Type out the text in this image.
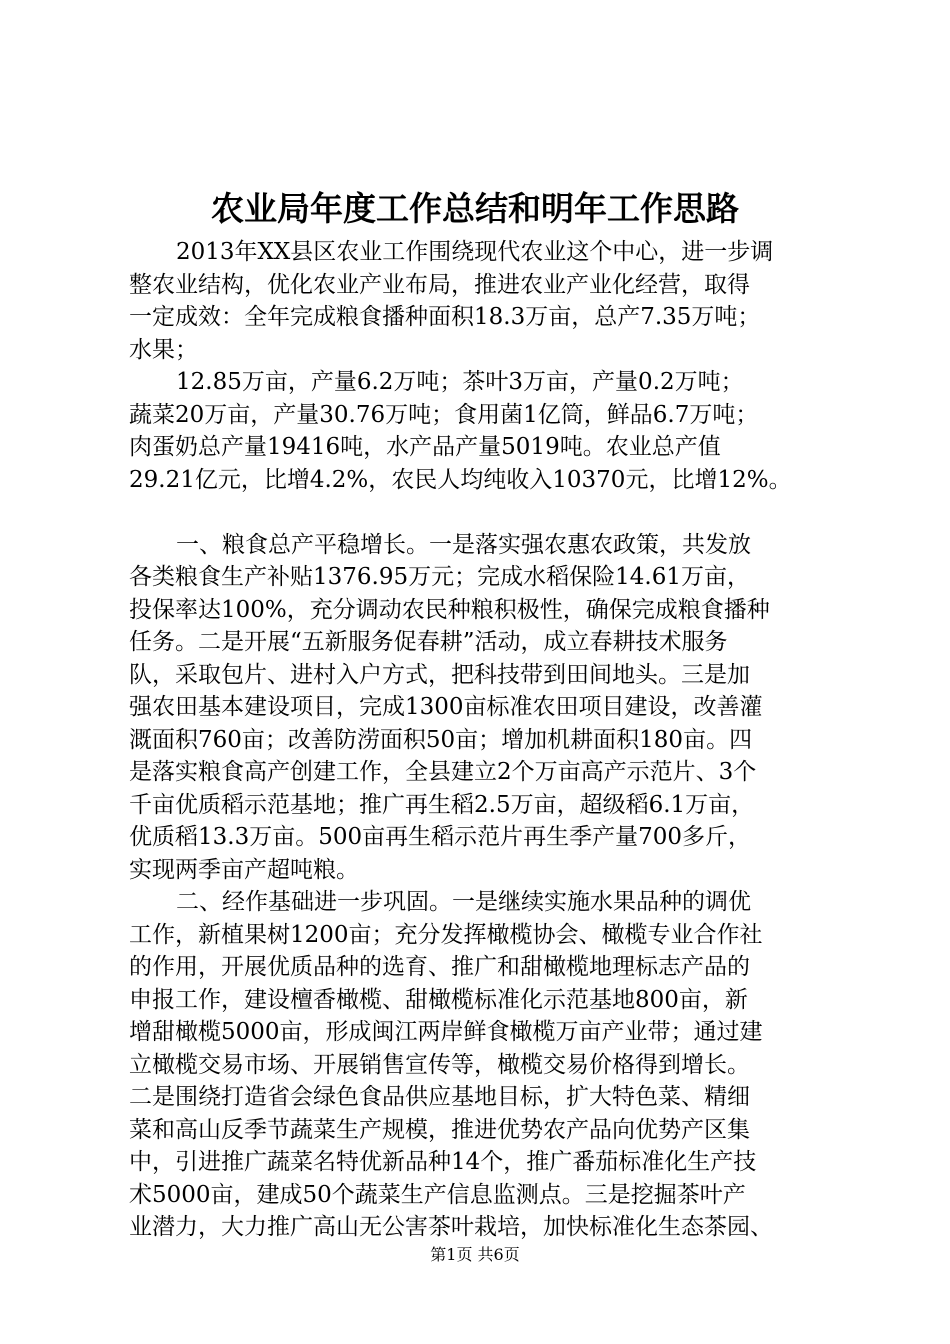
农业局年度工作总结和明年工作思路
2013年XX县区农业工作围绕现代农业这个中心，进一步调
整农业结构，优化农业产业布局，推进农业产业化经营，取得
一定成效：全年完成粮食播种面积18.3万亩，总产7.35万吨；
水果；
12.85万亩，产量6.2万吨；茶叶3万亩，产量0.2万吨；
蔬菜20万亩，产量30.76万吨；食用菌1亿筒，鲜品6.7万吨；
肉蛋奶总产量19416吨，水产品产量5019吨。农业总产值
29.21亿元，比增4.2%，农民人均纯收入10370元，比增12%。
一、粮食总产平稳增长。一是落实强农惠农政策，共发放
各类粮食生产补贴1376.95万元；完成水稻保险14.61万亩，
投保率达100%，充分调动农民种粮积极性，确保完成粮食播种
任务。二是开展“五新服务促春耕”活动，成立春耕技术服务
队，采取包片、进村入户方式，把科技带到田间地头。三是加
强农田基本建设项目，完成1300亩标准农田项目建设，改善灌
溉面积760亩；改善防涝面积50亩；增加机耕面积180亩。四
是落实粮食高产创建工作，全县建立2个万亩高产示范片、3个
千亩优质稻示范基地；推广再生稻2.5万亩，超级稻6.1万亩，
优质稻13.3万亩。500亩再生稻示范片再生季产量700多斤，
实现两季亩产超吨粮。
二、经作基础进一步巩固。一是继续实施水果品种的调优
工作，新植果树1200亩；充分发挥橄榄协会、橄榄专业合作社
的作用，开展优质品种的选育、推广和甜橄榄地理标志产品的
申报工作，建设檀香橄榄、甜橄榄标准化示范基地800亩，新
增甜橄榄5000亩，形成闽江两岸鲜食橄榄万亩产业带；通过建
立橄榄交易市场、开展销售宣传等，橄榄交易价格得到增长。
二是围绕打造省会绿色食品供应基地目标，扩大特色菜、精细
菜和高山反季节蔬菜生产规模，推进优势农产品向优势产区集
中，引进推广蔬菜名特优新品种14个，推广番茄标准化生产技
术5000亩，建成50个蔬菜生产信息监测点。三是挖掘茶叶产
业潜力，大力推广高山无公害茶叶栽培，加快标准化生态茶园、
第1页 共6页
